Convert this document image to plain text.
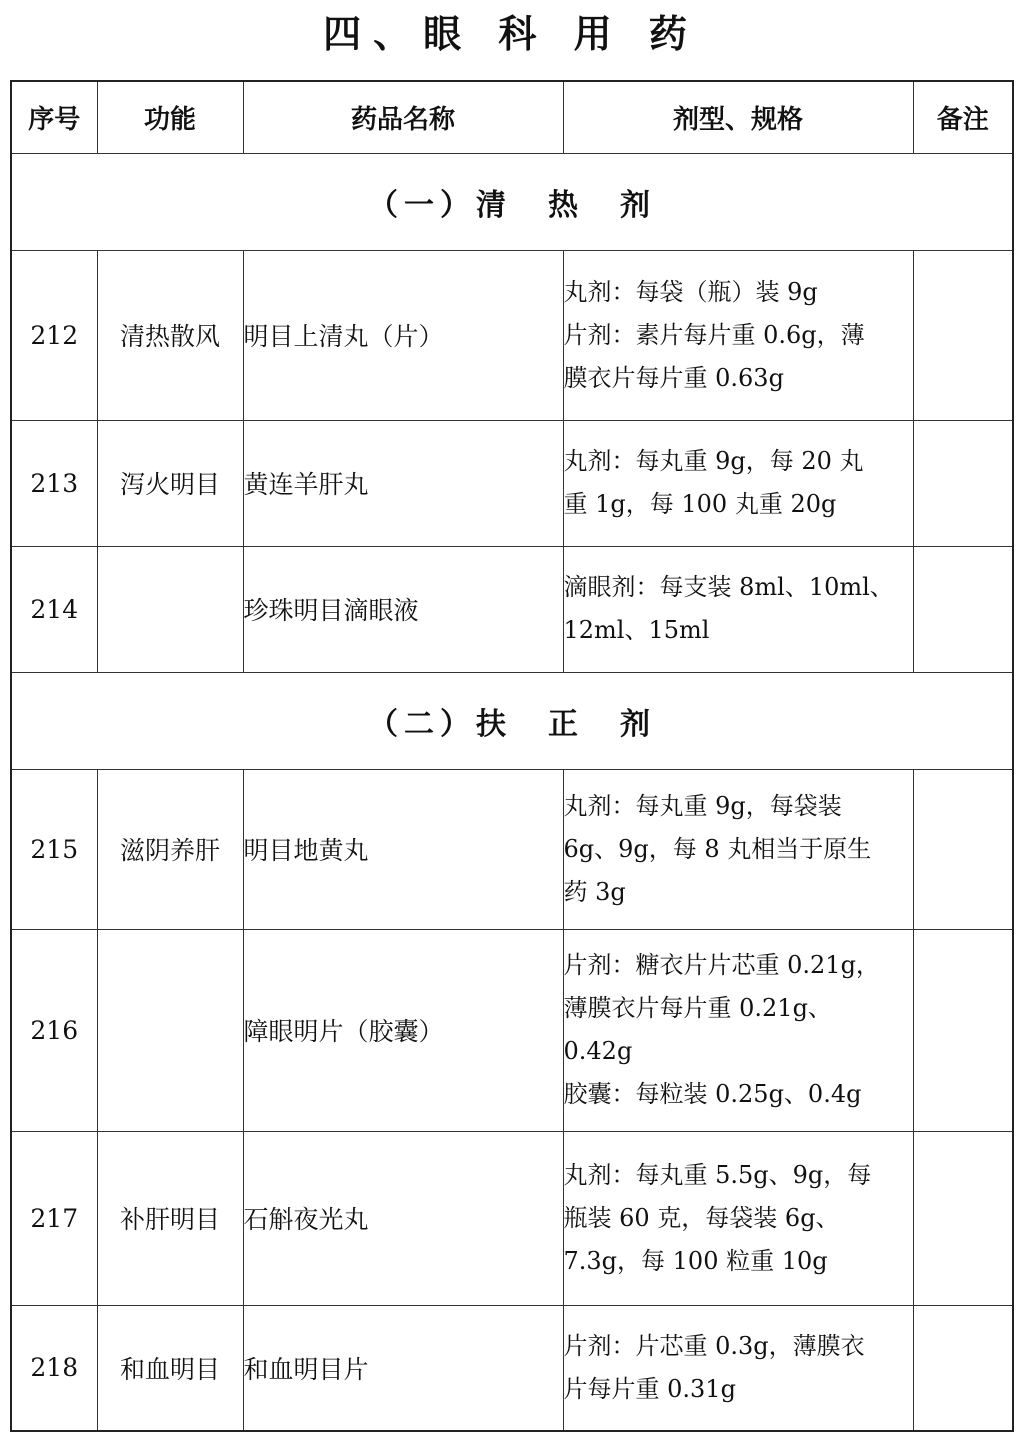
四、眼 科 用 药
序号	功能	药品名称	剂型、规格	备注
（一）清　热　剂				
212	清热散风	明目上清丸（片）	丸剂：每袋（瓶）装 9g
片剂：素片每片重 0.6g，薄
膜衣片每片重 0.63g	

213	泻火明目	黄连羊肝丸	丸剂：每丸重 9g，每 20 丸
重 1g，每 100 丸重 20g	

214		珍珠明目滴眼液	滴眼剂：每支装 8ml、10ml、
12ml、15ml	

（二）扶　正　剂				
215	滋阴养肝	明目地黄丸	丸剂：每丸重 9g，每袋装
6g、9g，每 8 丸相当于原生
药 3g	

216		障眼明片（胶囊）	片剂：糖衣片片芯重 0.21g，
薄膜衣片每片重 0.21g、
0.42g
胶囊：每粒装 0.25g、0.4g	

217	补肝明目	石斛夜光丸	丸剂：每丸重 5.5g、9g，每
瓶装 60 克，每袋装 6g、
7.3g，每 100 粒重 10g	

218	和血明目	和血明目片	片剂：片芯重 0.3g，薄膜衣
片每片重 0.31g	
